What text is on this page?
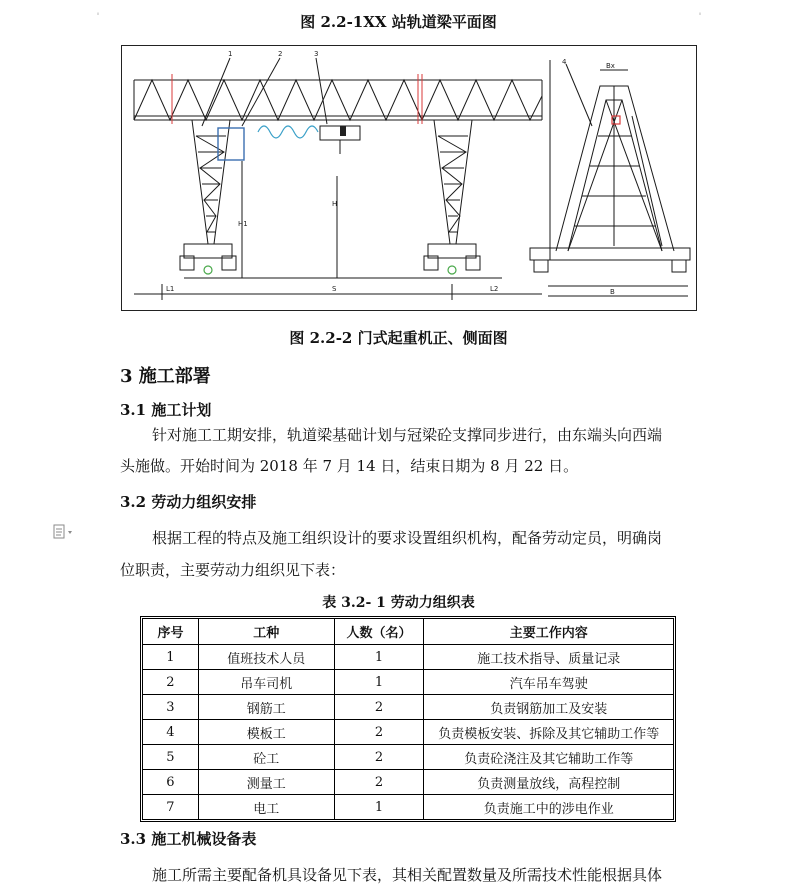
图 2.2-1XX 站轨道梁平面图
L1	S	L2
H
H1
Bx
B
1	2	3
4
图 2.2-2 门式起重机正、侧面图
3 施工部署
3.1 施工计划
针对施工工期安排，轨道梁基础计划与冠梁砼支撑同步进行，由东端头向西端
头施做。开始时间为 2018 年 7 月 14 日，结束日期为 8 月 22 日。
3.2 劳动力组织安排
根据工程的特点及施工组织设计的要求设置组织机构，配备劳动定员，明确岗
位职责，主要劳动力组织见下表：
表 3.2- 1 劳动力组织表
序号	工种	人数（名）	主要工作内容
1	值班技术人员	1	施工技术指导、质量记录
2	吊车司机	1	汽车吊车驾驶
3	钢筋工	2	负责钢筋加工及安装
4	模板工	2	负责模板安装、拆除及其它辅助工作等
5	砼工	2	负责砼浇注及其它辅助工作等
6	测量工	2	负责测量放线，高程控制
7	电工	1	负责施工中的涉电作业
3.3 施工机械设备表
施工所需主要配备机具设备见下表，其相关配置数量及所需技术性能根据具体
